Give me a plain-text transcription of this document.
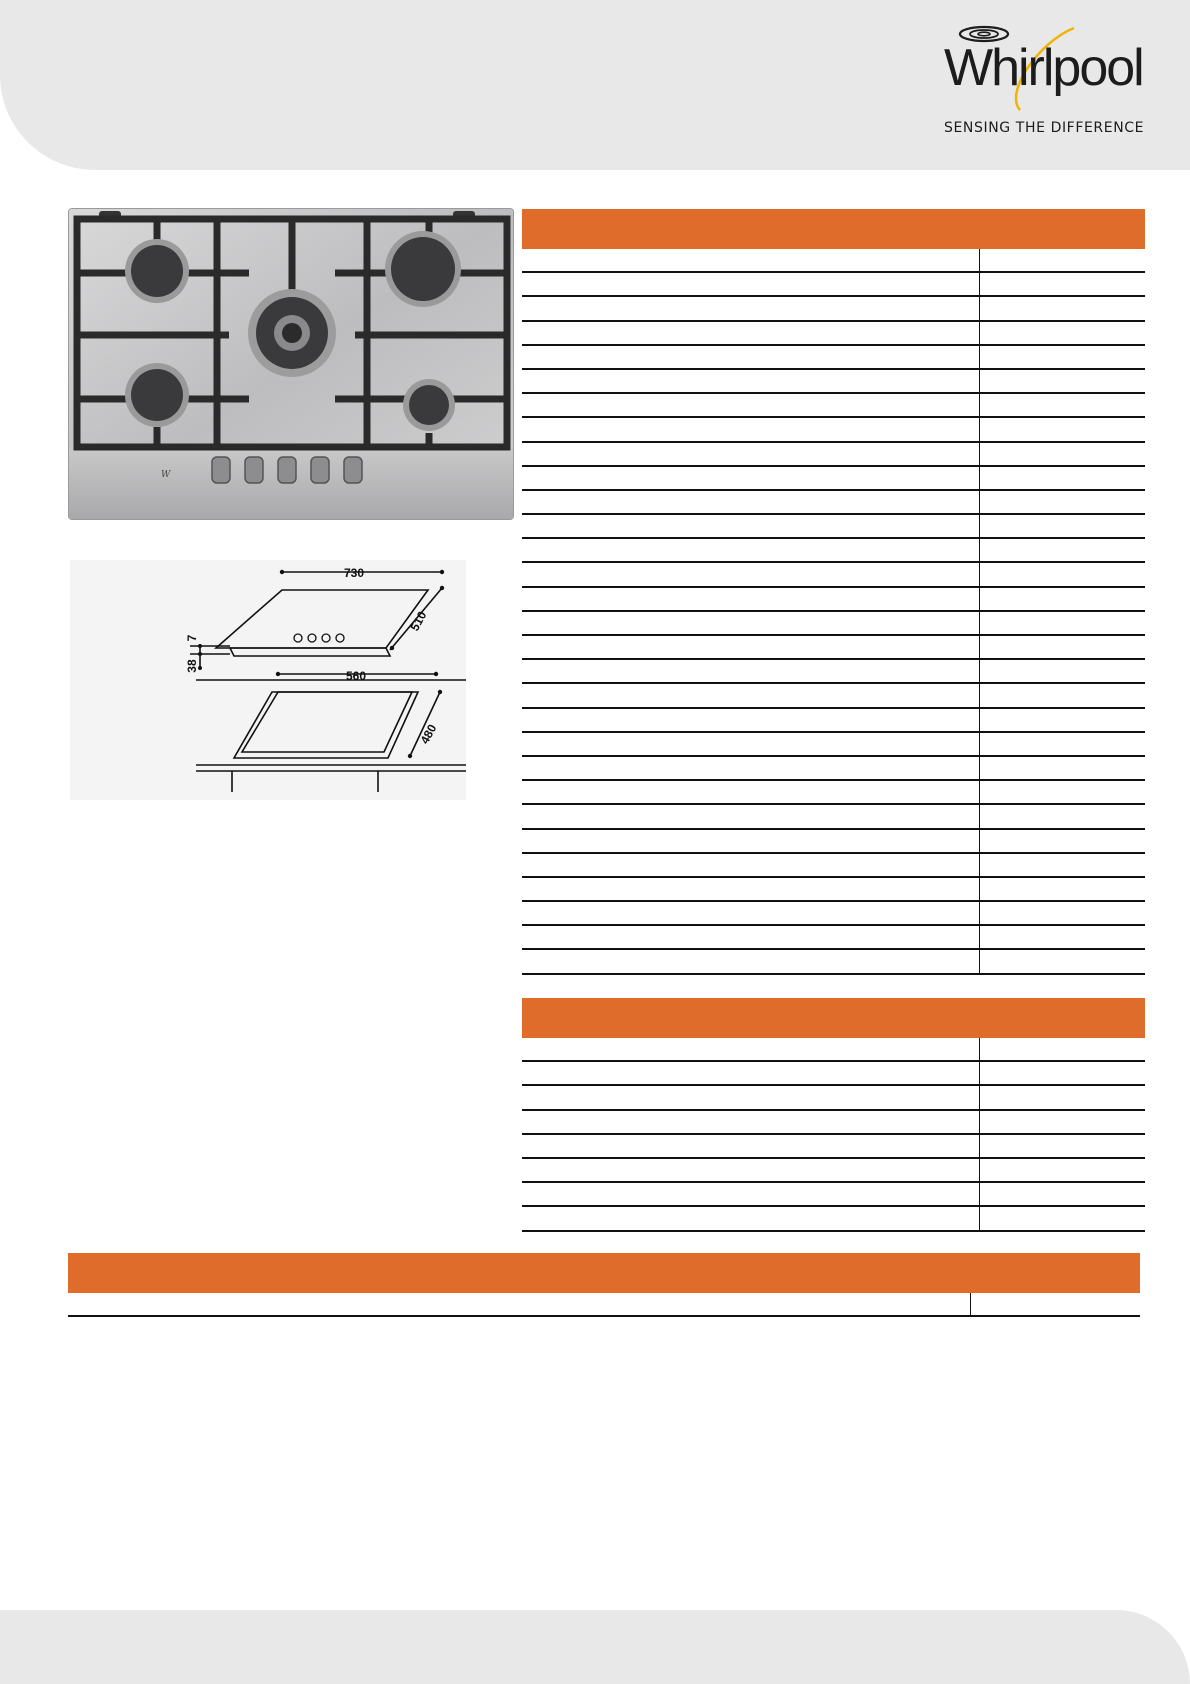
Whirlpool
SENSING THE DIFFERENCE
W
730
510
7
38
560
480
